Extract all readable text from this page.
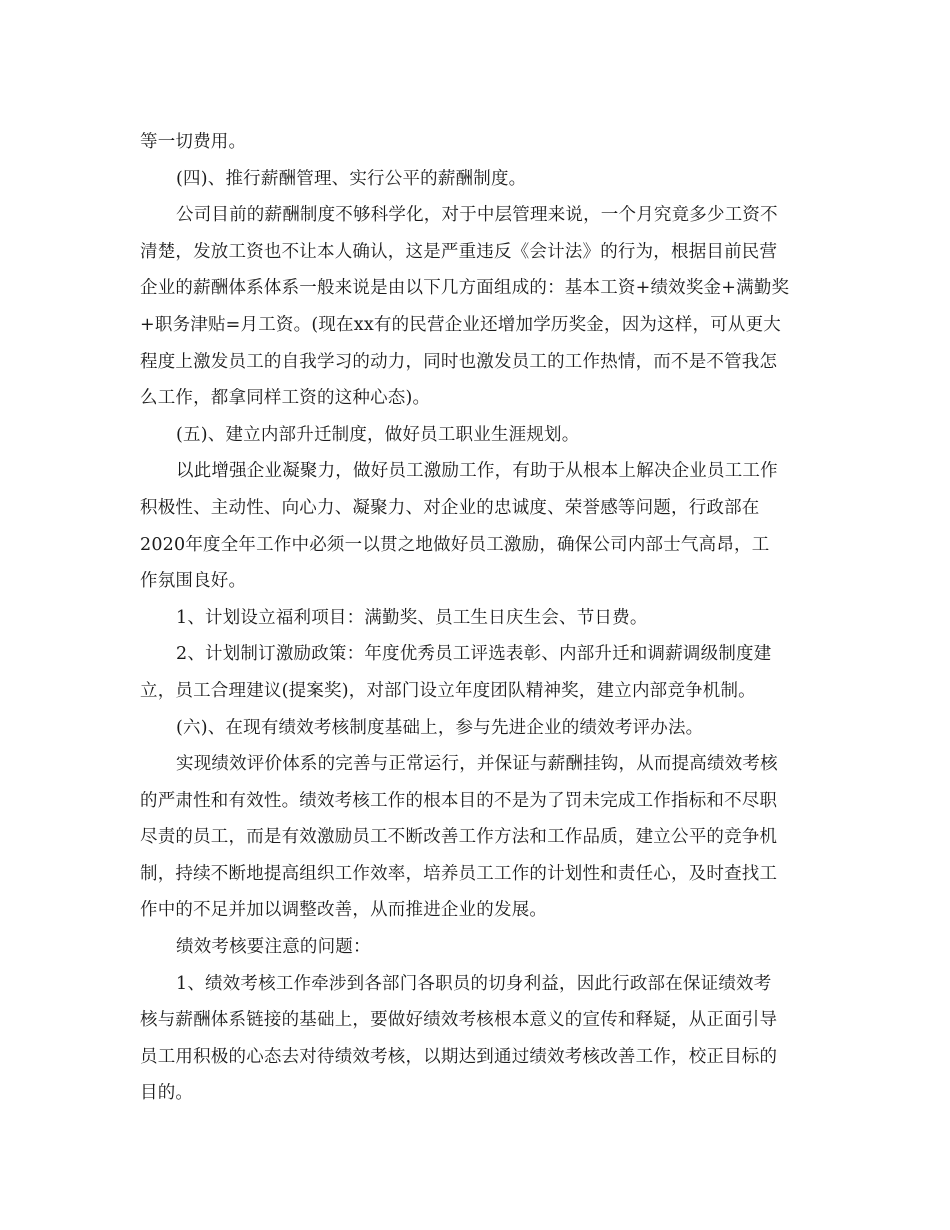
等一切费用。

(四)、推行薪酬管理、实行公平的薪酬制度。

公司目前的薪酬制度不够科学化，对于中层管理来说，一个月究竟多少工资不

清楚，发放工资也不让本人确认，这是严重违反《会计法》的行为，根据目前民营

企业的薪酬体系体系一般来说是由以下几方面组成的：基本工资+绩效奖金+满勤奖

+职务津贴=月工资。(现在xx有的民营企业还增加学历奖金，因为这样，可从更大

程度上激发员工的自我学习的动力，同时也激发员工的工作热情，而不是不管我怎

么工作，都拿同样工资的这种心态)。

(五)、建立内部升迁制度，做好员工职业生涯规划。

以此增强企业凝聚力，做好员工激励工作，有助于从根本上解决企业员工工作

积极性、主动性、向心力、凝聚力、对企业的忠诚度、荣誉感等问题，行政部在

2020年度全年工作中必须一以贯之地做好员工激励，确保公司内部士气高昂，工

作氛围良好。

1、计划设立福利项目：满勤奖、员工生日庆生会、节日费。

2、计划制订激励政策：年度优秀员工评选表彰、内部升迁和调薪调级制度建

立，员工合理建议(提案奖)，对部门设立年度团队精神奖，建立内部竞争机制。

(六)、在现有绩效考核制度基础上，参与先进企业的绩效考评办法。

实现绩效评价体系的完善与正常运行，并保证与薪酬挂钩，从而提高绩效考核

的严肃性和有效性。绩效考核工作的根本目的不是为了罚未完成工作指标和不尽职

尽责的员工，而是有效激励员工不断改善工作方法和工作品质，建立公平的竞争机

制，持续不断地提高组织工作效率，培养员工工作的计划性和责任心，及时查找工

作中的不足并加以调整改善，从而推进企业的发展。

绩效考核要注意的问题：

1、绩效考核工作牵涉到各部门各职员的切身利益，因此行政部在保证绩效考

核与薪酬体系链接的基础上，要做好绩效考核根本意义的宣传和释疑，从正面引导

员工用积极的心态去对待绩效考核，以期达到通过绩效考核改善工作，校正目标的

目的。
